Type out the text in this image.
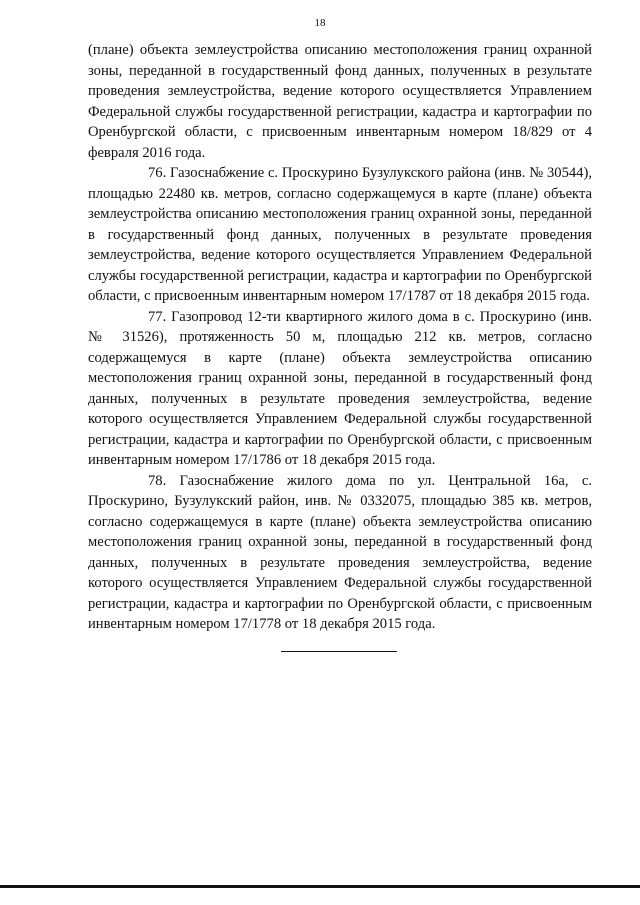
18

(плане) объекта землеустройства описанию местоположения границ охранной зоны, переданной в государственный фонд данных, полученных в результате проведения землеустройства, ведение которого осуществляется Управлением Федеральной службы государственной регистрации, кадастра и картографии по Оренбургской области, с присвоенным инвентарным номером 18/829 от 4 февраля 2016 года.

76. Газоснабжение с. Проскурино Бузулукского района (инв. № 30544), площадью 22480 кв. метров, согласно содержащемуся в карте (плане) объекта землеустройства описанию местоположения границ охранной зоны, переданной в государственный фонд данных, полученных в результате проведения землеустройства, ведение которого осуществляется Управлением Федеральной службы государственной регистрации, кадастра и картографии по Оренбургской области, с присвоенным инвентарным номером 17/1787 от 18 декабря 2015 года.

77. Газопровод 12-ти квартирного жилого дома в с. Проскурино (инв. № 31526), протяженность 50 м, площадью 212 кв. метров, согласно содержащемуся в карте (плане) объекта землеустройства описанию местоположения границ охранной зоны, переданной в государственный фонд данных, полученных в результате проведения землеустройства, ведение которого осуществляется Управлением Федеральной службы государственной регистрации, кадастра и картографии по Оренбургской области, с присвоенным инвентарным номером 17/1786 от 18 декабря 2015 года.

78. Газоснабжение жилого дома по ул. Центральной 16а, с. Проскурино, Бузулукский район, инв. № 0332075, площадью 385 кв. метров, согласно содержащемуся в карте (плане) объекта землеустройства описанию местоположения границ охранной зоны, переданной в государственный фонд данных, полученных в результате проведения землеустройства, ведение которого осуществляется Управлением Федеральной службы государственной регистрации, кадастра и картографии по Оренбургской области, с присвоенным инвентарным номером 17/1778 от 18 декабря 2015 года.
